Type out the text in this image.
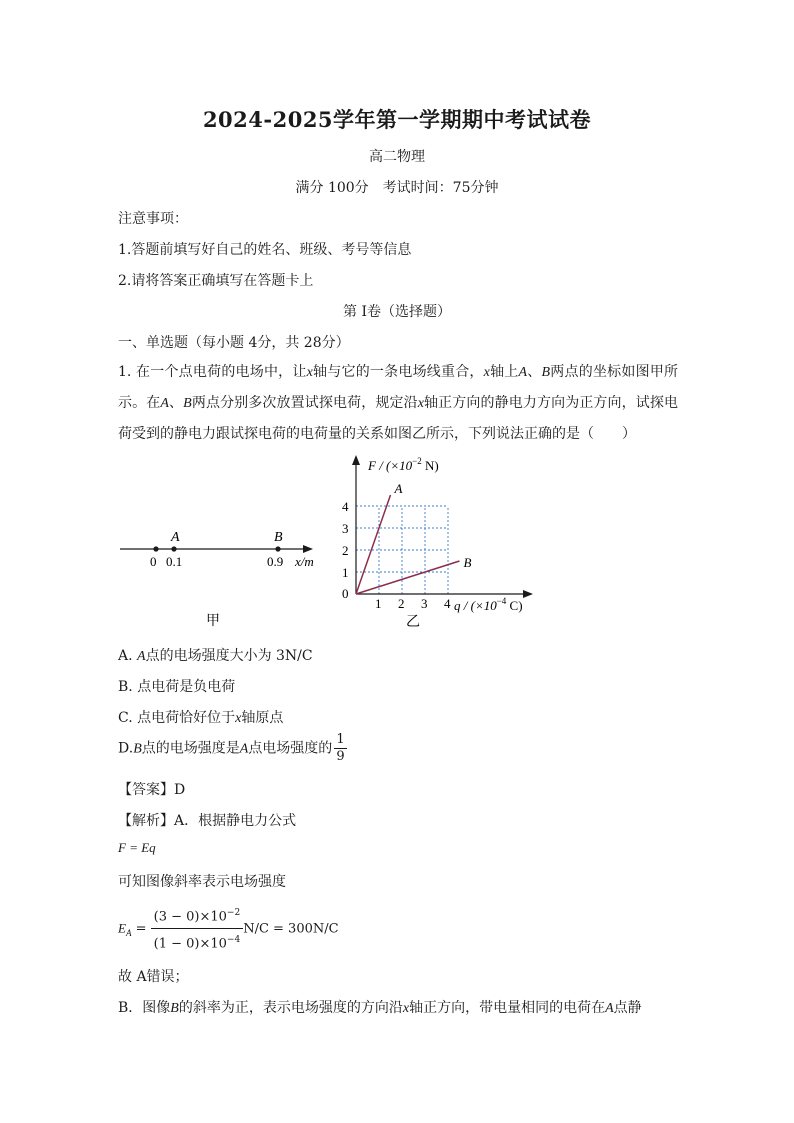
2024-2025学年第一学期期中考试试卷
高二物理
满分 100分　考试时间：75分钟
注意事项：
1.答题前填写好自己的姓名、班级、考号等信息
2.请将答案正确填写在答题卡上
第 I卷（选择题）
一、单选题（每小题 4分，共 28分）
1. 在一个点电荷的电场中，让x轴与它的一条电场线重合，x轴上A、B两点的坐标如图甲所示。在A、B两点分别多次放置试探电荷，规定沿x轴正方向的静电力方向为正方向，试探电荷受到的静电力跟试探电荷的电荷量的关系如图乙所示，下列说法正确的是（　　）
A	B
0 0.1	0.9 x/m
甲
1 2 3 4
1
2
3
4
A
B
0
$F / (\times 10^{-2}$ N)
$q / (\times 10^{-4}$ C)
乙
A. A点的电场强度大小为 3N/C
B. 点电荷是负电荷
C. 点电荷恰好位于x轴原点
D.B点的电场强度是A点电场强度的 $\frac{1}{9}$
【答案】D
【解析】A．根据静电力公式
F = Eq
可知图像斜率表示电场强度
$E_A = \frac{(3 - 0)\times 10^{-2}}{(1 - 0)\times 10^{-4}} N/C = 300N/C$
故 A错误；
B．图像B的斜率为正，表示电场强度的方向沿x轴正方向，带电量相同的电荷在A点静
